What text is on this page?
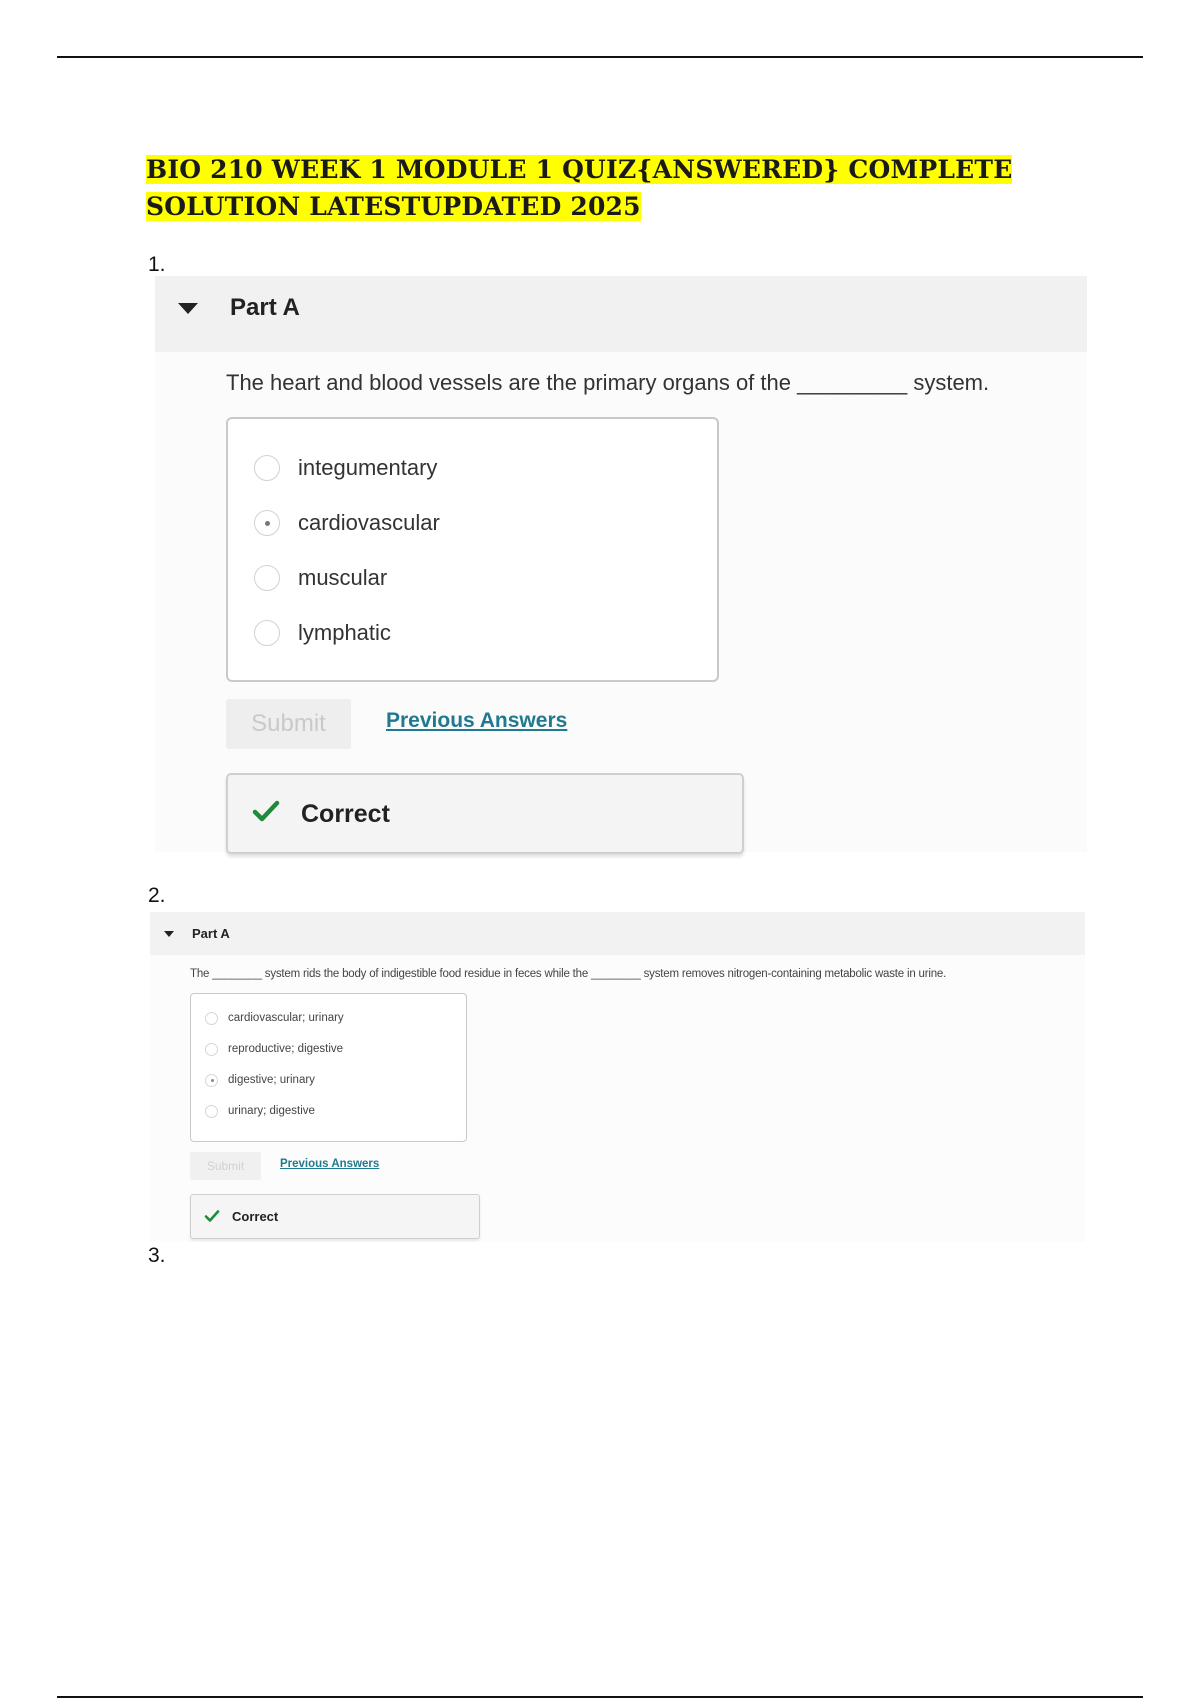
BIO 210 WEEK 1 MODULE 1 QUIZ{ANSWERED} COMPLETE SOLUTION LATESTUPDATED 2025
1.
Part A
The heart and blood vessels are the primary organs of the _________ system.
integumentary
cardiovascular
muscular
lymphatic
Submit	Previous Answers
Correct
2.
Part A
The ________ system rids the body of indigestible food residue in feces while the ________ system removes nitrogen-containing metabolic waste in urine.
cardiovascular; urinary
reproductive; digestive
digestive; urinary
urinary; digestive
Submit	Previous Answers
Correct
3.
